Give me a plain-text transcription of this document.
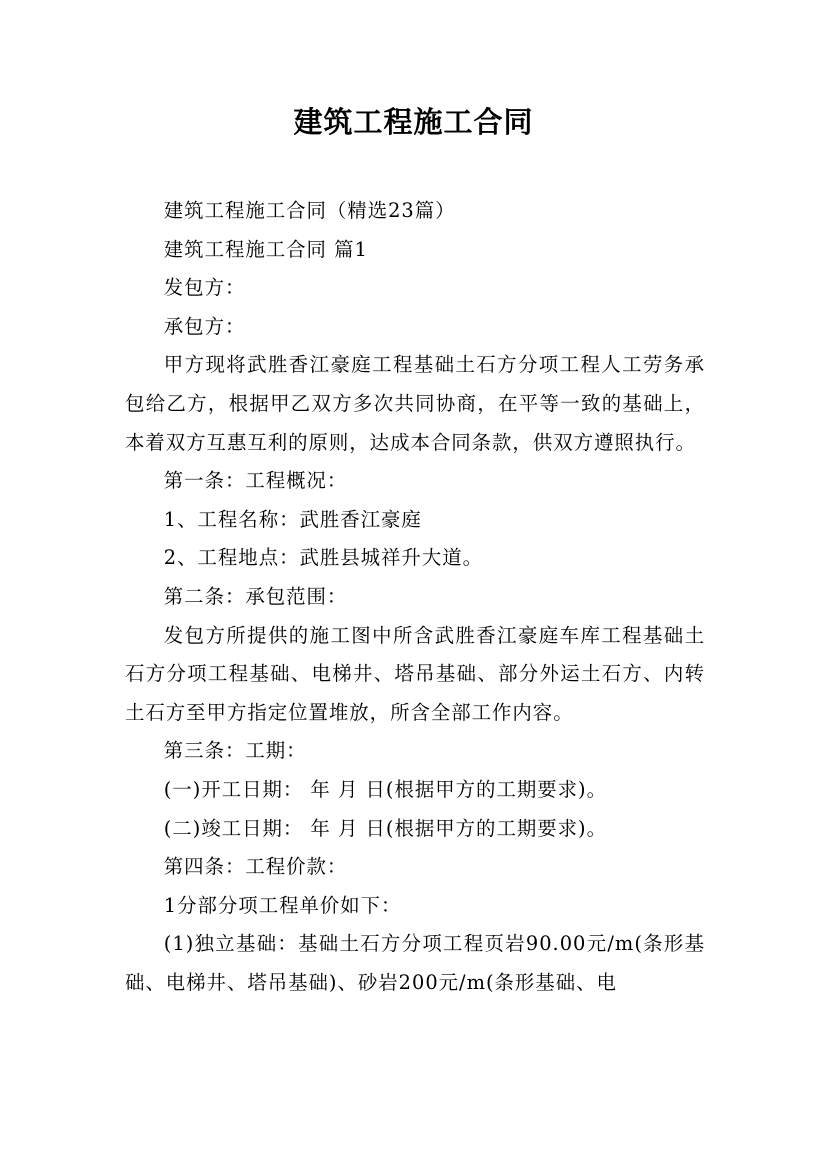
建筑工程施工合同

建筑工程施工合同（精选23篇）

建筑工程施工合同 篇1

发包方：

承包方：

甲方现将武胜香江豪庭工程基础土石方分项工程人工劳务承包给乙方，根据甲乙双方多次共同协商，在平等一致的基础上，本着双方互惠互利的原则，达成本合同条款，供双方遵照执行。

第一条：工程概况：

1、工程名称：武胜香江豪庭

2、工程地点：武胜县城祥升大道。

第二条：承包范围：

发包方所提供的施工图中所含武胜香江豪庭车库工程基础土石方分项工程基础、电梯井、塔吊基础、部分外运土石方、内转土石方至甲方指定位置堆放，所含全部工作内容。

第三条：工期：

(一)开工日期： 年 月 日(根据甲方的工期要求)。

(二)竣工日期： 年 月 日(根据甲方的工期要求)。

第四条：工程价款：

1分部分项工程单价如下：

(1)独立基础：基础土石方分项工程页岩90.00元/m(条形基础、电梯井、塔吊基础)、砂岩200元/m(条形基础、电
